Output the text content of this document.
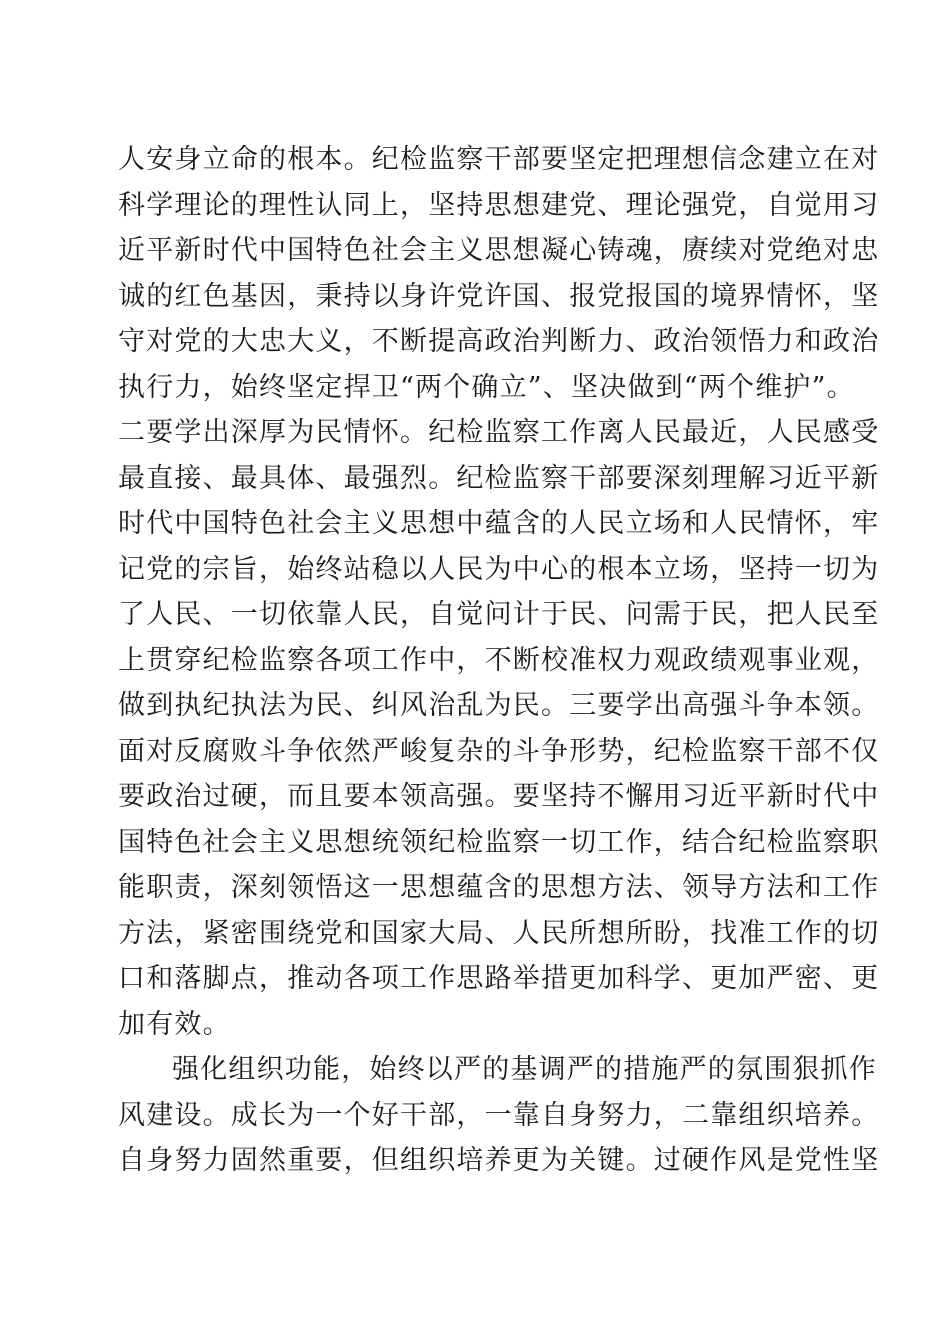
人安身立命的根本。纪检监察干部要坚定把理想信念建立在对
科学理论的理性认同上，坚持思想建党、理论强党，自觉用习
近平新时代中国特色社会主义思想凝心铸魂，赓续对党绝对忠
诚的红色基因，秉持以身许党许国、报党报国的境界情怀，坚
守对党的大忠大义，不断提高政治判断力、政治领悟力和政治
执行力，始终坚定捍卫“两个确立”、坚决做到“两个维护”。
二要学出深厚为民情怀。纪检监察工作离人民最近，人民感受
最直接、最具体、最强烈。纪检监察干部要深刻理解习近平新
时代中国特色社会主义思想中蕴含的人民立场和人民情怀，牢
记党的宗旨，始终站稳以人民为中心的根本立场，坚持一切为
了人民、一切依靠人民，自觉问计于民、问需于民，把人民至
上贯穿纪检监察各项工作中，不断校准权力观政绩观事业观，
做到执纪执法为民、纠风治乱为民。三要学出高强斗争本领。
面对反腐败斗争依然严峻复杂的斗争形势，纪检监察干部不仅
要政治过硬，而且要本领高强。要坚持不懈用习近平新时代中
国特色社会主义思想统领纪检监察一切工作，结合纪检监察职
能职责，深刻领悟这一思想蕴含的思想方法、领导方法和工作
方法，紧密围绕党和国家大局、人民所想所盼，找准工作的切
口和落脚点，推动各项工作思路举措更加科学、更加严密、更
加有效。
强化组织功能，始终以严的基调严的措施严的氛围狠抓作
风建设。成长为一个好干部，一靠自身努力，二靠组织培养。
自身努力固然重要，但组织培养更为关键。过硬作风是党性坚
